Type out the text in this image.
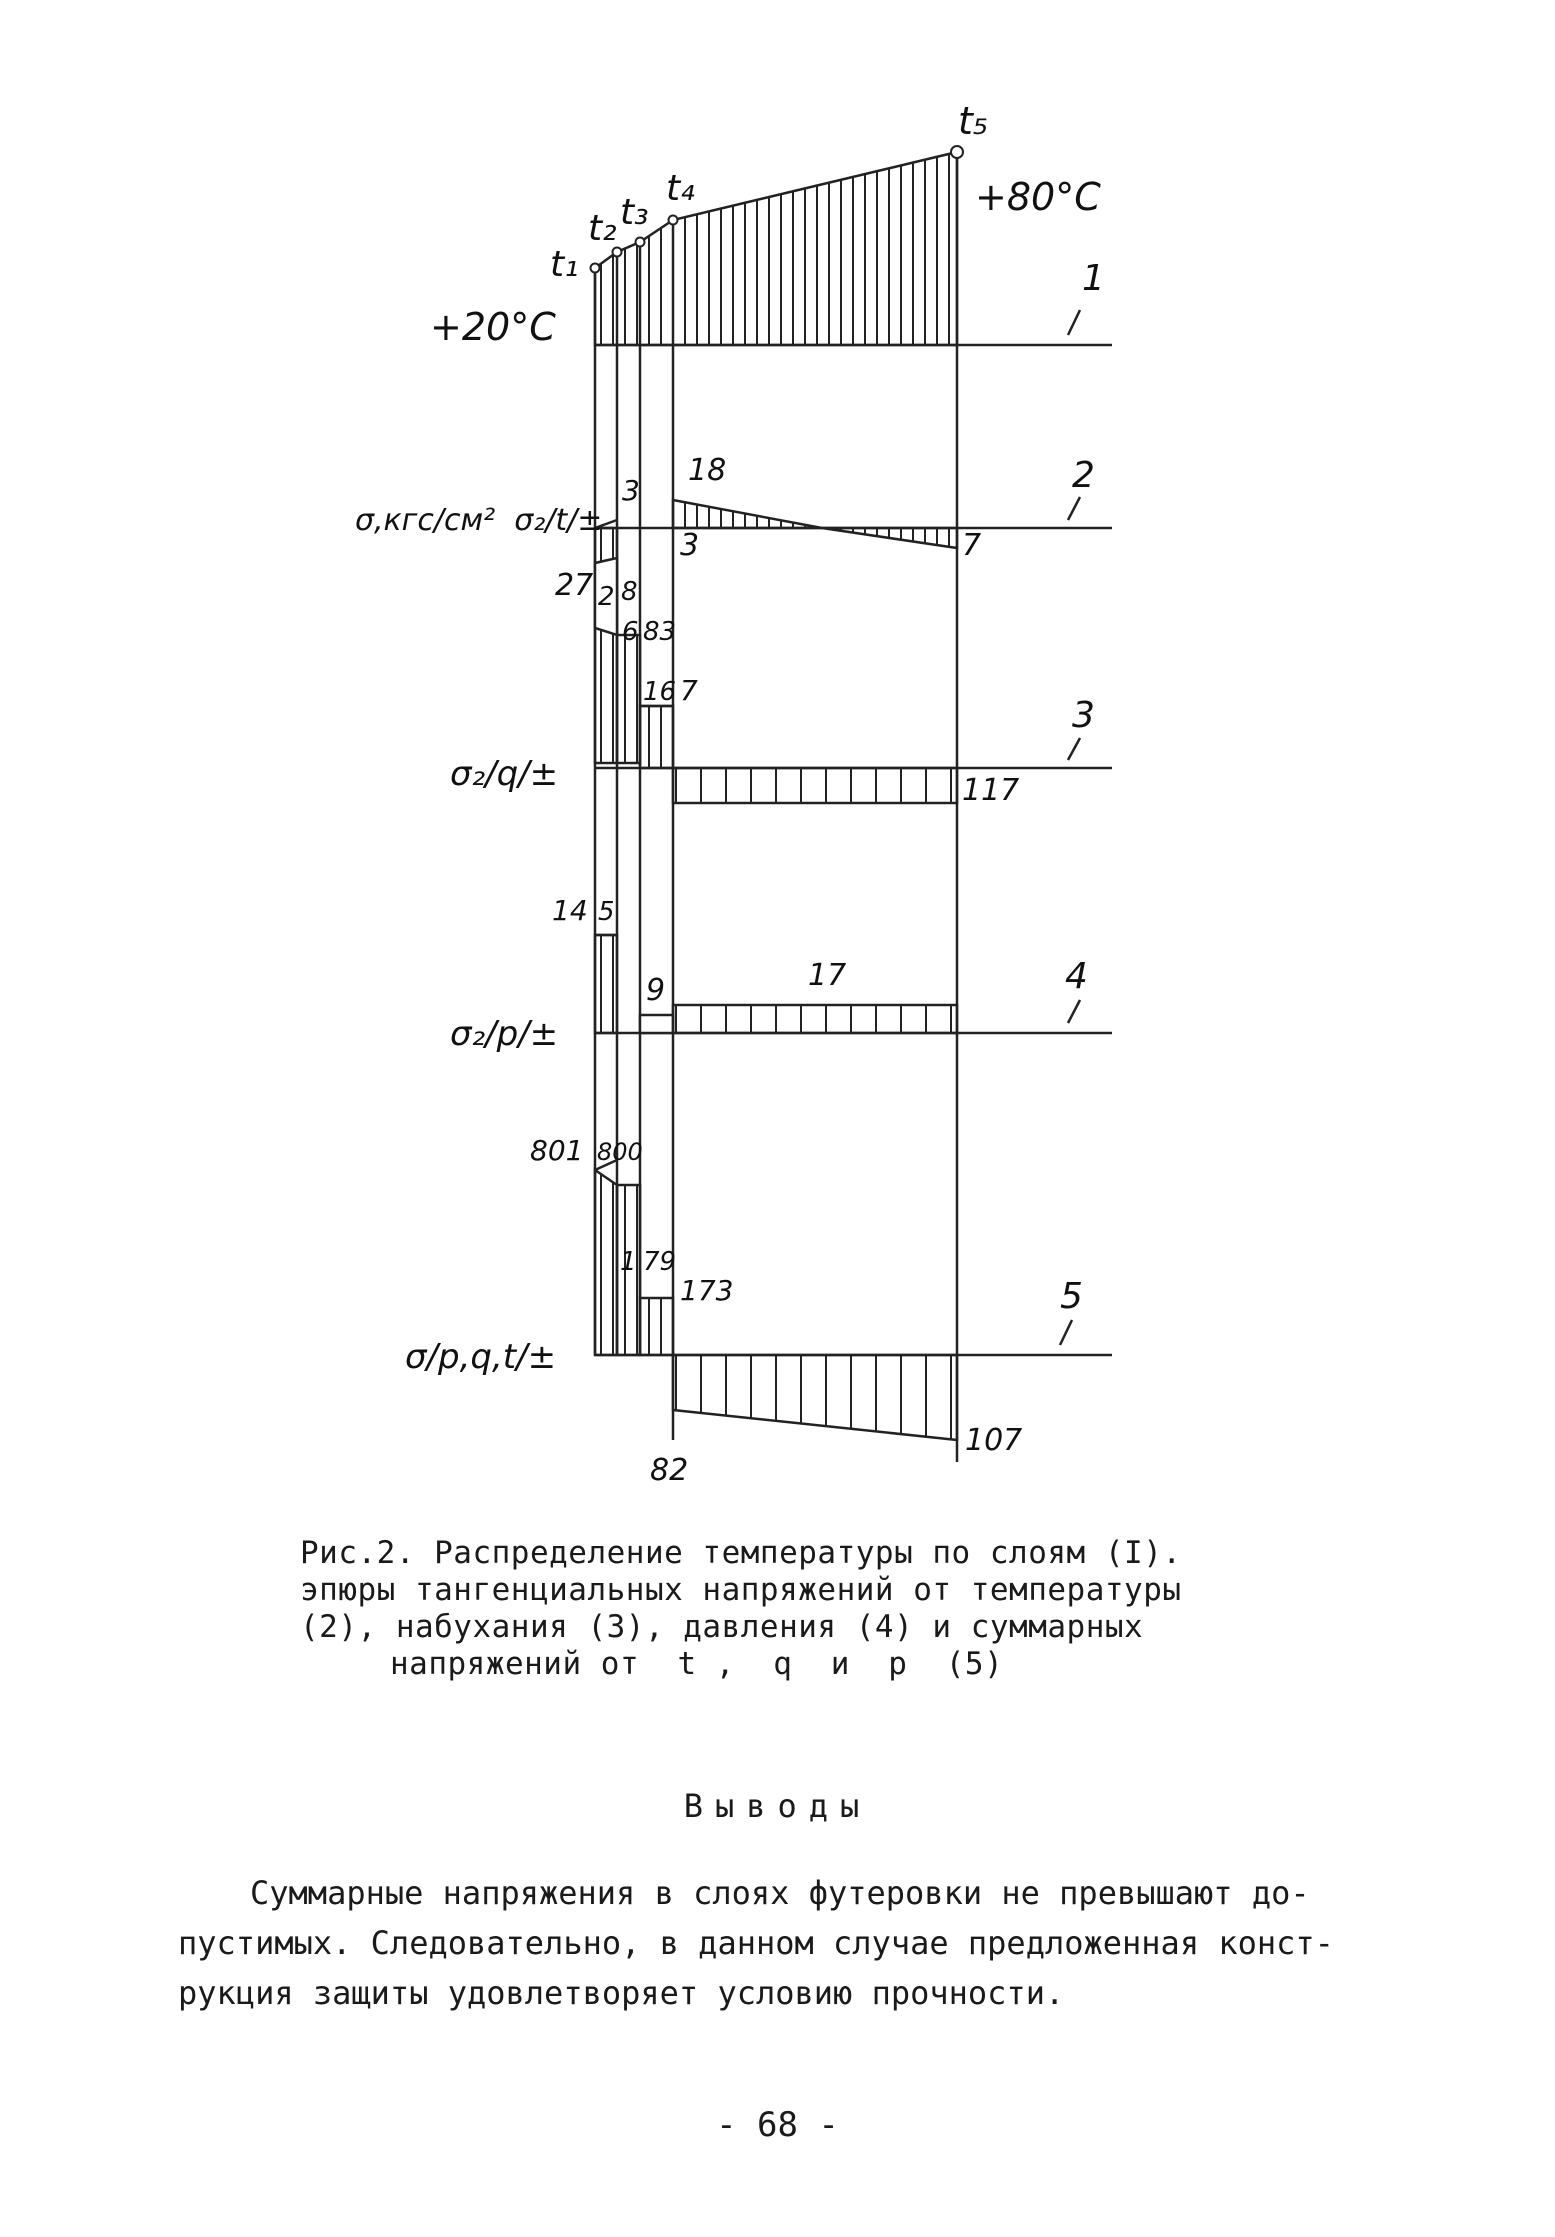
t₁
t₂ t₃
t₄
t₅
+20°C
+80°C
1
2
3
4
5
σ,кгс/см²  σ₂/t/±
σ₂/q/±
σ₂/p/±
σ/p,q,t/±
3
18
3	7
27 2 8
6 83
16 7
117
14 5
9	17
801 800
1 79
173
82
107
Рис.2. Распределение температуры по слоям (I).
эпюры тангенциальных напряжений от температуры
(2), набухания (3), давления (4) и суммарных
напряжений от  t ,  q  и  p  (5)
Выводы
Суммарные напряжения в слоях футеровки не превышают до-
пустимых. Следовательно, в данном случае предложенная конст-
рукция защиты удовлетворяет условию прочности.
- 68 -
